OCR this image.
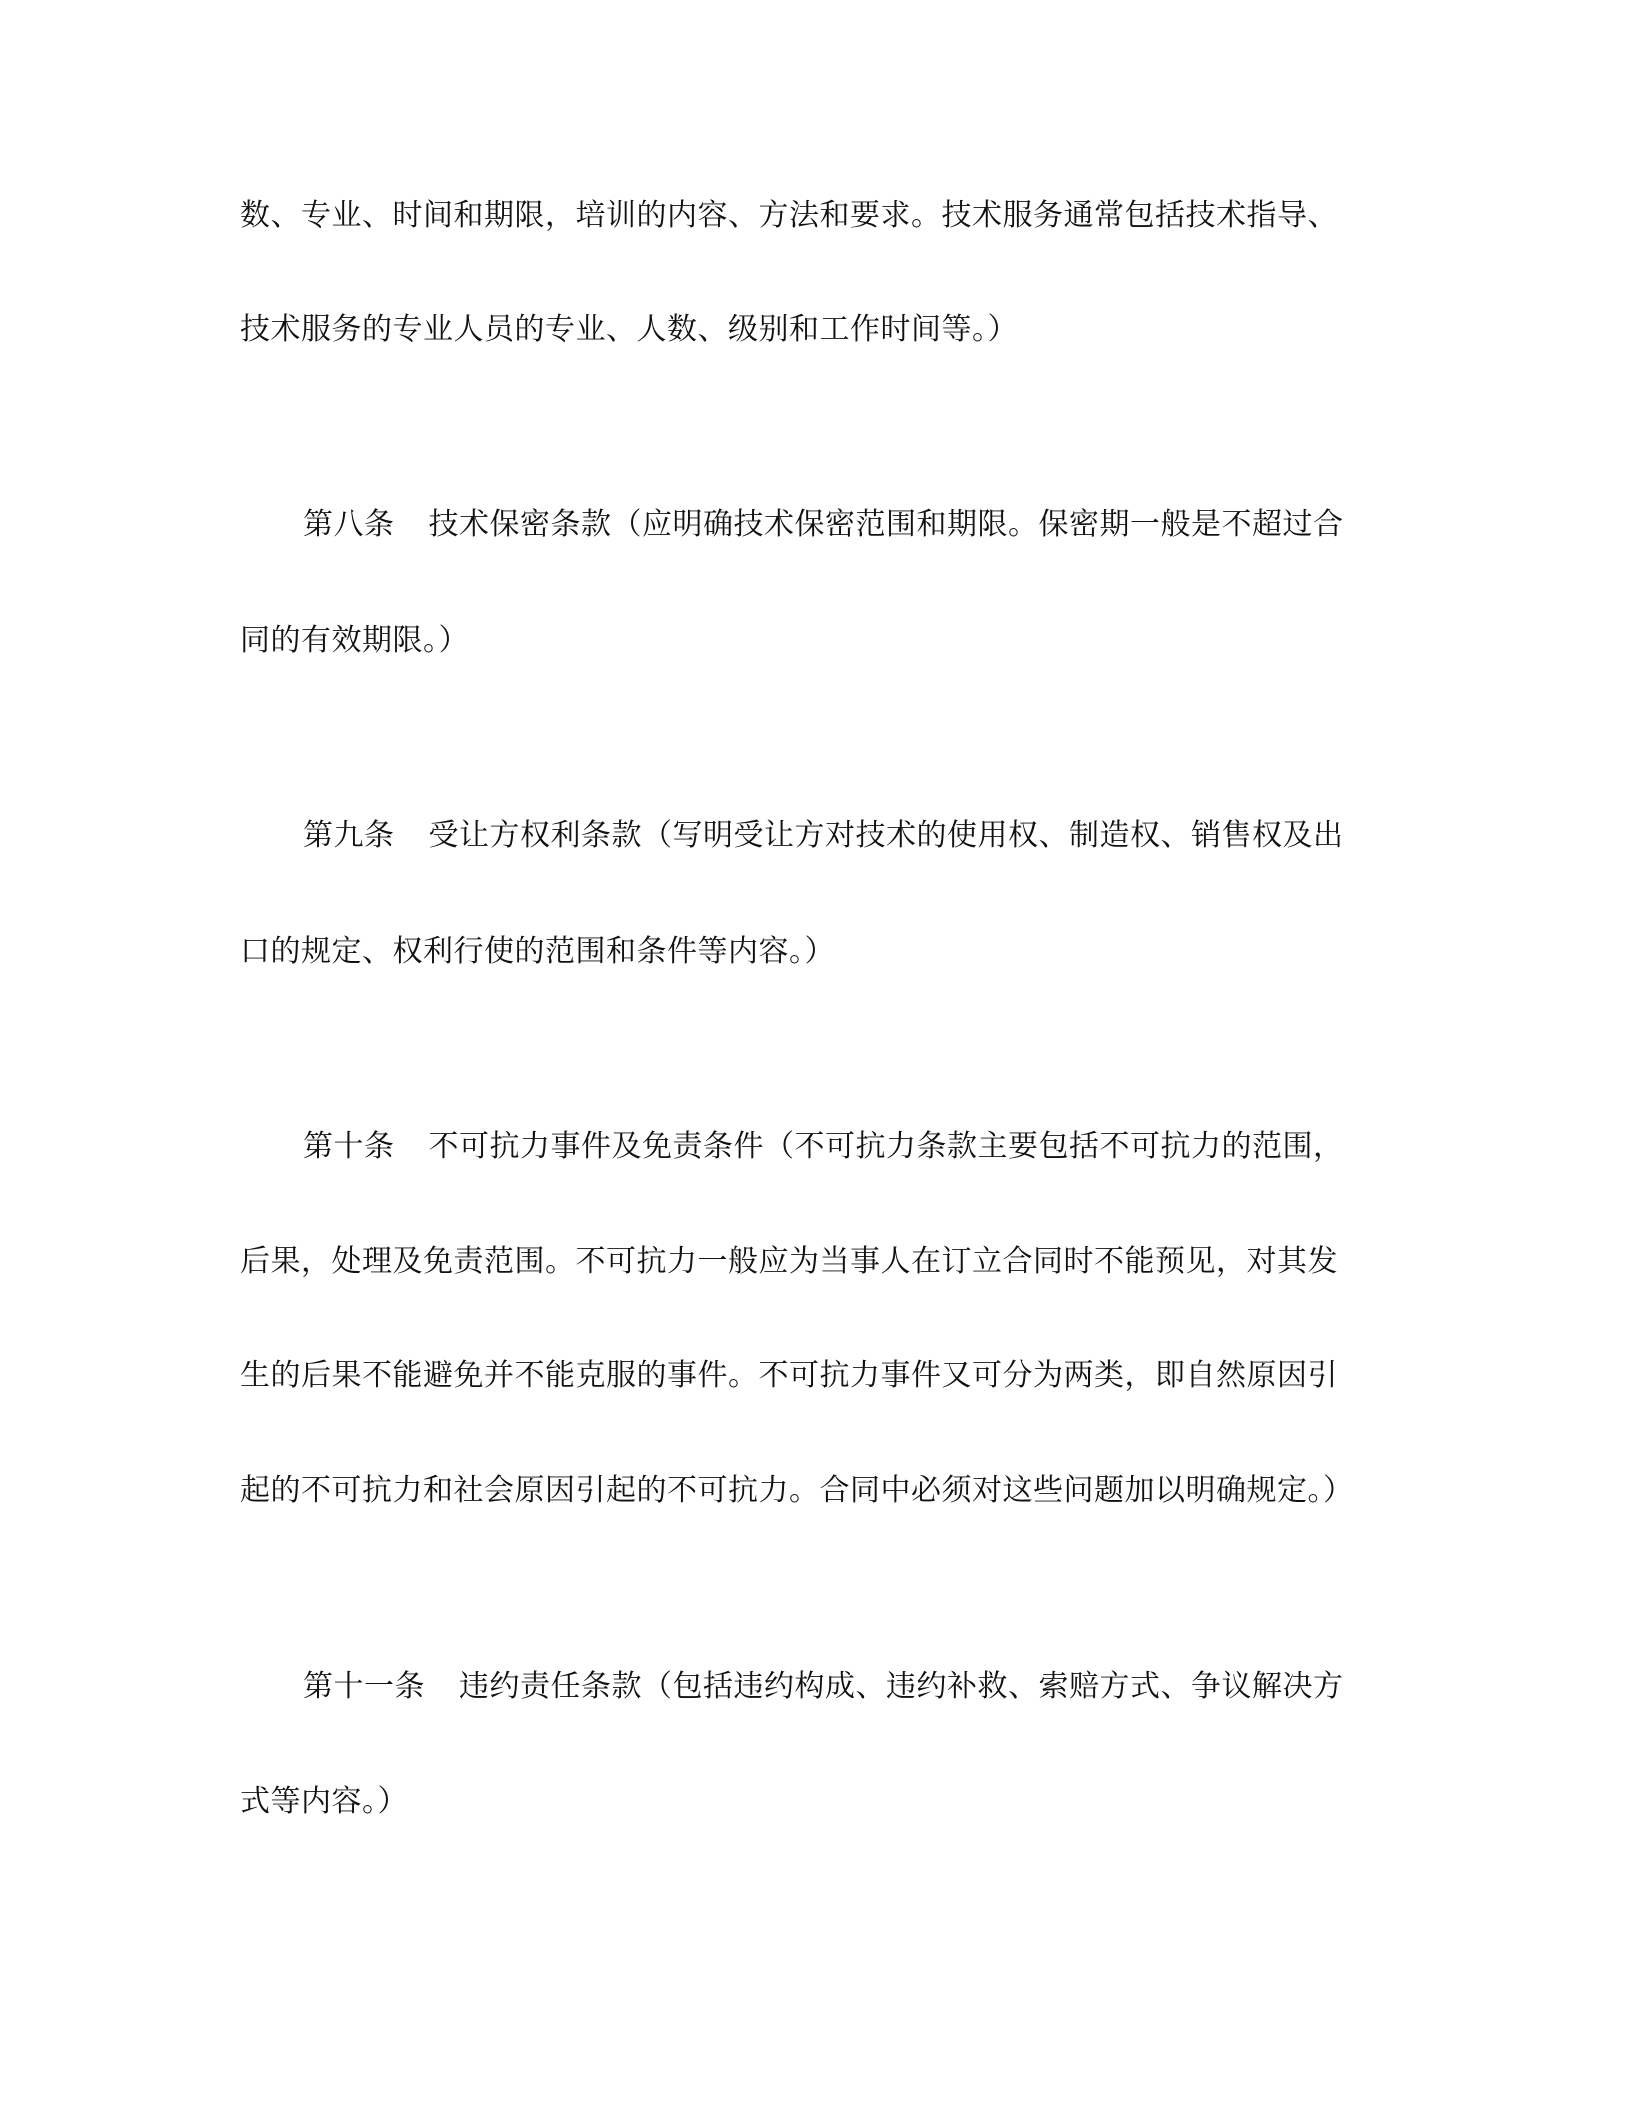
数、专业、时间和期限，培训的内容、方法和要求。技术服务通常包括技术指导、
技术服务的专业人员的专业、人数、级别和工作时间等。）
第八条 技术保密条款（应明确技术保密范围和期限。保密期一般是不超过合
同的有效期限。）
第九条 受让方权利条款（写明受让方对技术的使用权、制造权、销售权及出
口的规定、权利行使的范围和条件等内容。）
第十条 不可抗力事件及免责条件（不可抗力条款主要包括不可抗力的范围，
后果，处理及免责范围。不可抗力一般应为当事人在订立合同时不能预见，对其发
生的后果不能避免并不能克服的事件。不可抗力事件又可分为两类，即自然原因引
起的不可抗力和社会原因引起的不可抗力。合同中必须对这些问题加以明确规定。）
第十一条 违约责任条款（包括违约构成、违约补救、索赔方式、争议解决方
式等内容。）
